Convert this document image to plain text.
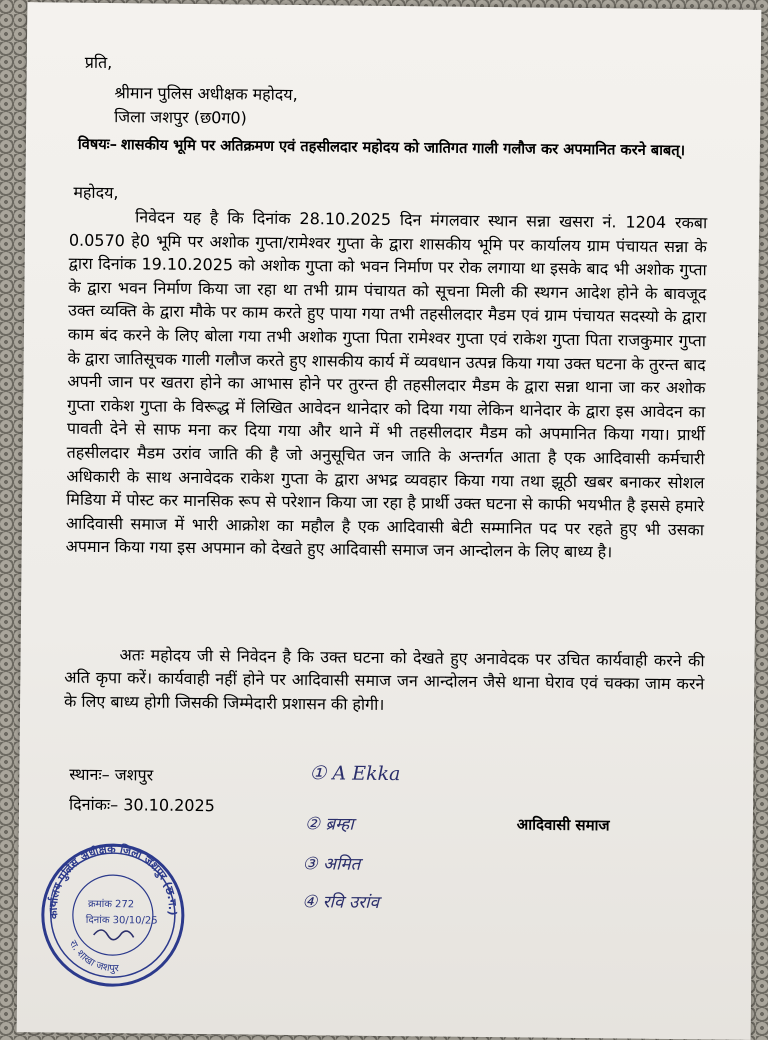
प्रति,
श्रीमान पुलिस अधीक्षक महोदय,
जिला जशपुर (छ0ग0)
विषयः– शासकीय भूमि पर अतिक्रमण एवं तहसीलदार महोदय को जातिगत गाली गलौज कर अपमानित करने बाबत्।
महोदय,
निवेदन यह है कि दिनांक 28.10.2025 दिन मंगलवार स्थान सन्ना खसरा नं. 1204 रकबा 0.0570 हे0 भूमि पर अशोक गुप्ता/रामेश्वर गुप्ता के द्वारा शासकीय भूमि पर कार्यालय ग्राम पंचायत सन्ना के द्वारा दिनांक 19.10.2025 को अशोक गुप्ता को भवन निर्माण पर रोक लगाया था इसके बाद भी अशोक गुप्ता के द्वारा भवन निर्माण किया जा रहा था तभी ग्राम पंचायत को सूचना मिली की स्थगन आदेश होने के बावजूद उक्त व्यक्ति के द्वारा मौके पर काम करते हुए पाया गया तभी तहसीलदार मैडम एवं ग्राम पंचायत सदस्यो के द्वारा काम बंद करने के लिए बोला गया तभी अशोक गुप्ता पिता रामेश्वर गुप्ता एवं राकेश गुप्ता पिता राजकुमार गुप्ता के द्वारा जातिसूचक गाली गलौज करते हुए शासकीय कार्य में व्यवधान उत्पन्न किया गया उक्त घटना के तुरन्त बाद अपनी जान पर खतरा होने का आभास होने पर तुरन्त ही तहसीलदार मैडम के द्वारा सन्ना थाना जा कर अशोक गुप्ता राकेश गुप्ता के विरूद्ध में लिखित आवेदन थानेदार को दिया गया लेकिन थानेदार के द्वारा इस आवेदन का पावती देने से साफ मना कर दिया गया और थाने में भी तहसीलदार मैडम को अपमानित किया गया। प्रार्थी तहसीलदार मैडम उरांव जाति की है जो अनुसूचित जन जाति के अन्तर्गत आता है एक आदिवासी कर्मचारी अधिकारी के साथ अनावेदक राकेश गुप्ता के द्वारा अभद्र व्यवहार किया गया तथा झूठी खबर बनाकर सोशल मिडिया में पोस्ट कर मानसिक रूप से परेशान किया जा रहा है प्रार्थी उक्त घटना से काफी भयभीत है इससे हमारे आदिवासी समाज में भारी आक्रोश का महौल है एक आदिवासी बेटी सम्मानित पद पर रहते हुए भी उसका अपमान किया गया इस अपमान को देखते हुए आदिवासी समाज जन आन्दोलन के लिए बाध्य है।
अतः महोदय जी से निवेदन है कि उक्त घटना को देखते हुए अनावेदक पर उचित कार्यवाही करने की अति कृपा करें। कार्यवाही नहीं होने पर आदिवासी समाज जन आन्दोलन जैसे थाना घेराव एवं चक्का जाम करने के लिए बाध्य होगी जिसकी जिम्मेदारी प्रशासन की होगी।
स्थानः– जशपुर
दिनांकः– 30.10.2025
आदिवासी समाज
① A Ekka
② ब्रम्हा
③ अमित
④ रवि उरांव
कार्यालय पुलिस अधीक्षक जिला जशपुर (छ.ग.)
रा. शाखा जशपुर
क्रमांक 272
दिनांक 30/10/25
